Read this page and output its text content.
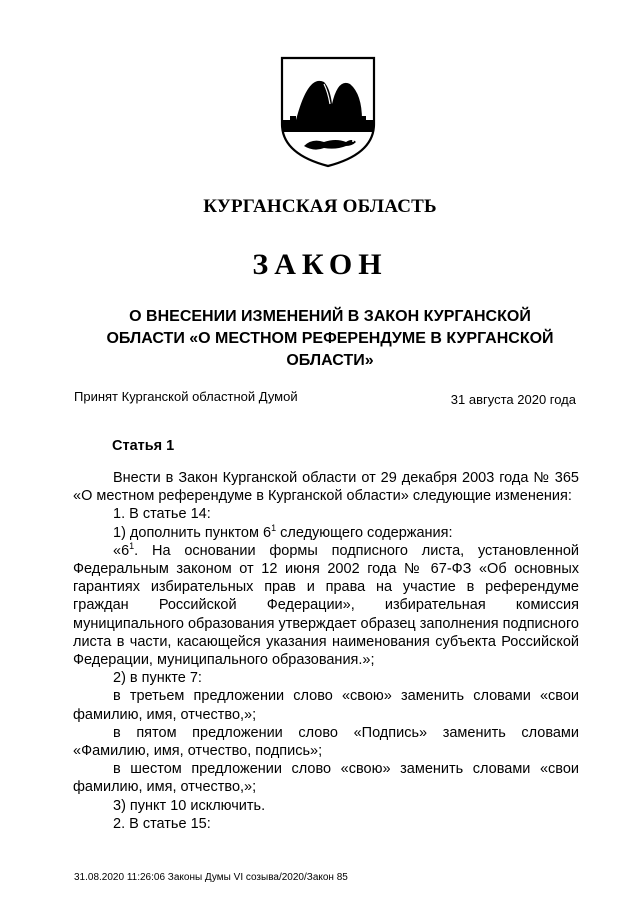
КУРГАНСКАЯ ОБЛАСТЬ
ЗАКОН
О ВНЕСЕНИИ ИЗМЕНЕНИЙ В ЗАКОН КУРГАНСКОЙ
ОБЛАСТИ «О МЕСТНОМ РЕФЕРЕНДУМЕ В КУРГАНСКОЙ
ОБЛАСТИ»
Принят Курганской областной Думой	31 августа 2020 года
Статья 1

Внести в Закон Курганской области от 29 декабря 2003 года № 365 «О местном референдуме в Курганской области» следующие изменения:

1. В статье 14:

1) дополнить пунктом $6^1$ следующего содержания:

«$6^1$. На основании формы подписного листа, установленной Федеральным законом от 12 июня 2002 года № 67-ФЗ «Об основных гарантиях избирательных прав и права на участие в референдуме граждан Российской Федерации», избирательная комиссия муниципального образования утверждает образец заполнения подписного листа в части, касающейся указания наименования субъекта Российской Федерации, муниципального образования.»;

2) в пункте 7:

в третьем предложении слово «свою» заменить словами «свои фамилию, имя, отчество,»;

в пятом предложении слово «Подпись» заменить словами «Фамилию, имя, отчество, подпись»;

в шестом предложении слово «свою» заменить словами «свои фамилию, имя, отчество,»;

3) пункт 10 исключить.

2. В статье 15:

31.08.2020 11:26:06 Законы Думы VI созыва/2020/Закон 85
